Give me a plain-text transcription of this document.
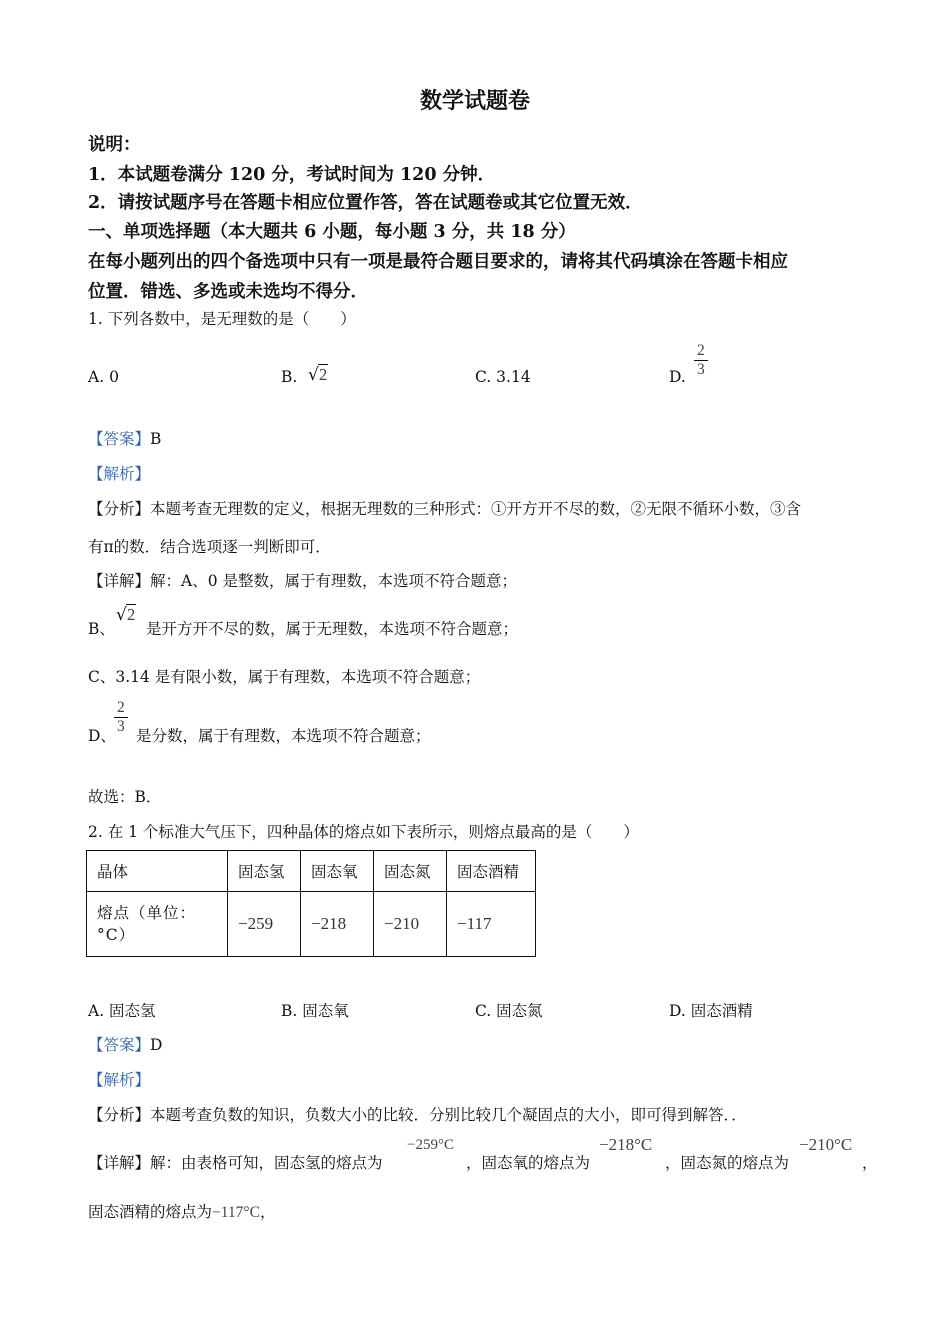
数学试题卷
说明：
1．本试题卷满分 120 分，考试时间为 120 分钟．
2．请按试题序号在答题卡相应位置作答，答在试题卷或其它位置无效．
一、单项选择题（本大题共 6 小题，每小题 3 分，共 18 分）
在每小题列出的四个备选项中只有一项是最符合题目要求的，请将其代码填涂在答题卡相应
位置．错选、多选或未选均不得分．
1. 下列各数中，是无理数的是（　　）
A. 0	B. √2	C. 3.14	D. $\frac{2}{3}$
【答案】B
【解析】
【分析】本题考查无理数的定义，根据无理数的三种形式：①开方开不尽的数，②无限不循环小数，③含
有π的数．结合选项逐一判断即可．
【详解】解：A、0 是整数，属于有理数，本选项不符合题意；
B、
√2
是开方开不尽的数，属于无理数，本选项不符合题意；
C、3.14 是有限小数，属于有理数，本选项不符合题意；
D、
$\frac{2}{3}$ 是分数，属于有理数，本选项不符合题意；
故选：B．
2. 在 1 个标准大气压下，四种晶体的熔点如下表所示，则熔点最高的是（　　）
晶体	固态氢	固态氧	固态氮	固态酒精
熔点（单位：°C）	−259	−218	−210	−117
A. 固态氢	B. 固态氧	C. 固态氮	D. 固态酒精
【答案】D
【解析】
【分析】本题考查负数的知识，负数大小的比较．分别比较几个凝固点的大小，即可得到解答．．
【详解】 解：由表格可知，固态氢的熔点为
−259°C
，固态氧的熔点为
−218°C
，固态氮的熔点为
−210°C
，
固态酒精的熔点为−117°C，
